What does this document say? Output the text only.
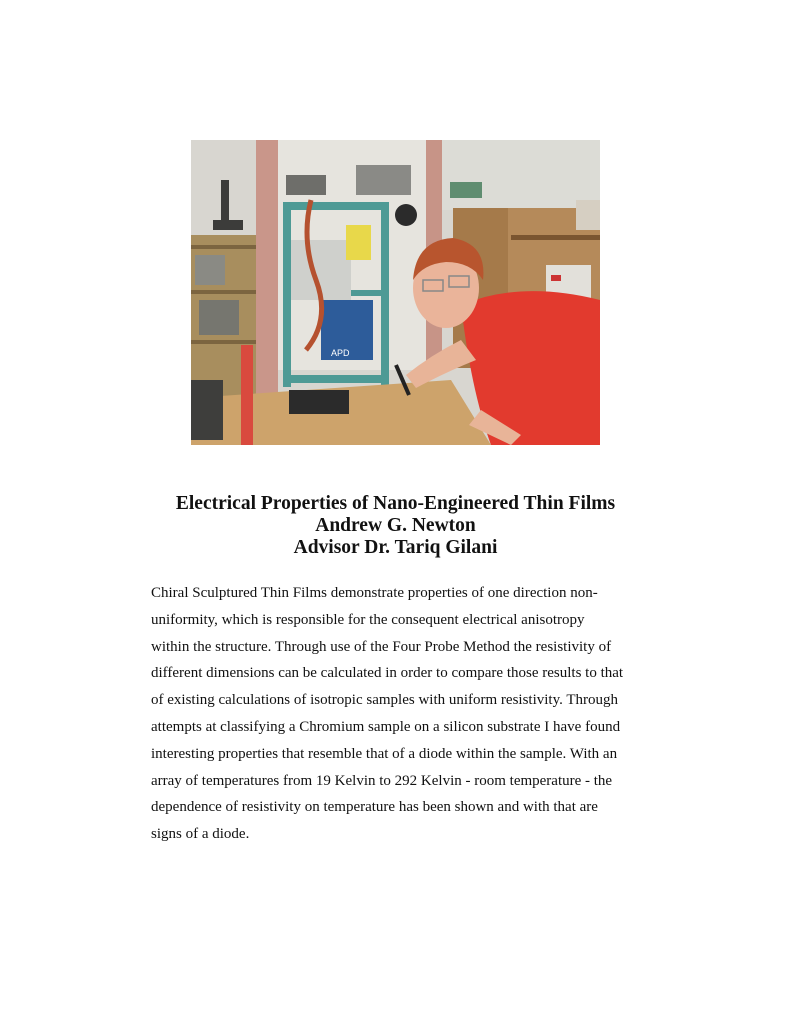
APD
Electrical Properties of Nano-Engineered Thin Films
Andrew G. Newton
Advisor Dr. Tariq Gilani
Chiral Sculptured Thin Films demonstrate properties of one direction non-
uniformity, which is responsible for the consequent electrical anisotropy
within the structure. Through use of the Four Probe Method the resistivity of
different dimensions can be calculated in order to compare those results to that
of existing calculations of isotropic samples with uniform resistivity. Through
attempts at classifying a Chromium sample on a silicon substrate I have found
interesting properties that resemble that of a diode within the sample. With an
array of temperatures from 19 Kelvin to 292 Kelvin - room temperature - the
dependence of resistivity on temperature has been shown and with that are
signs of a diode.
